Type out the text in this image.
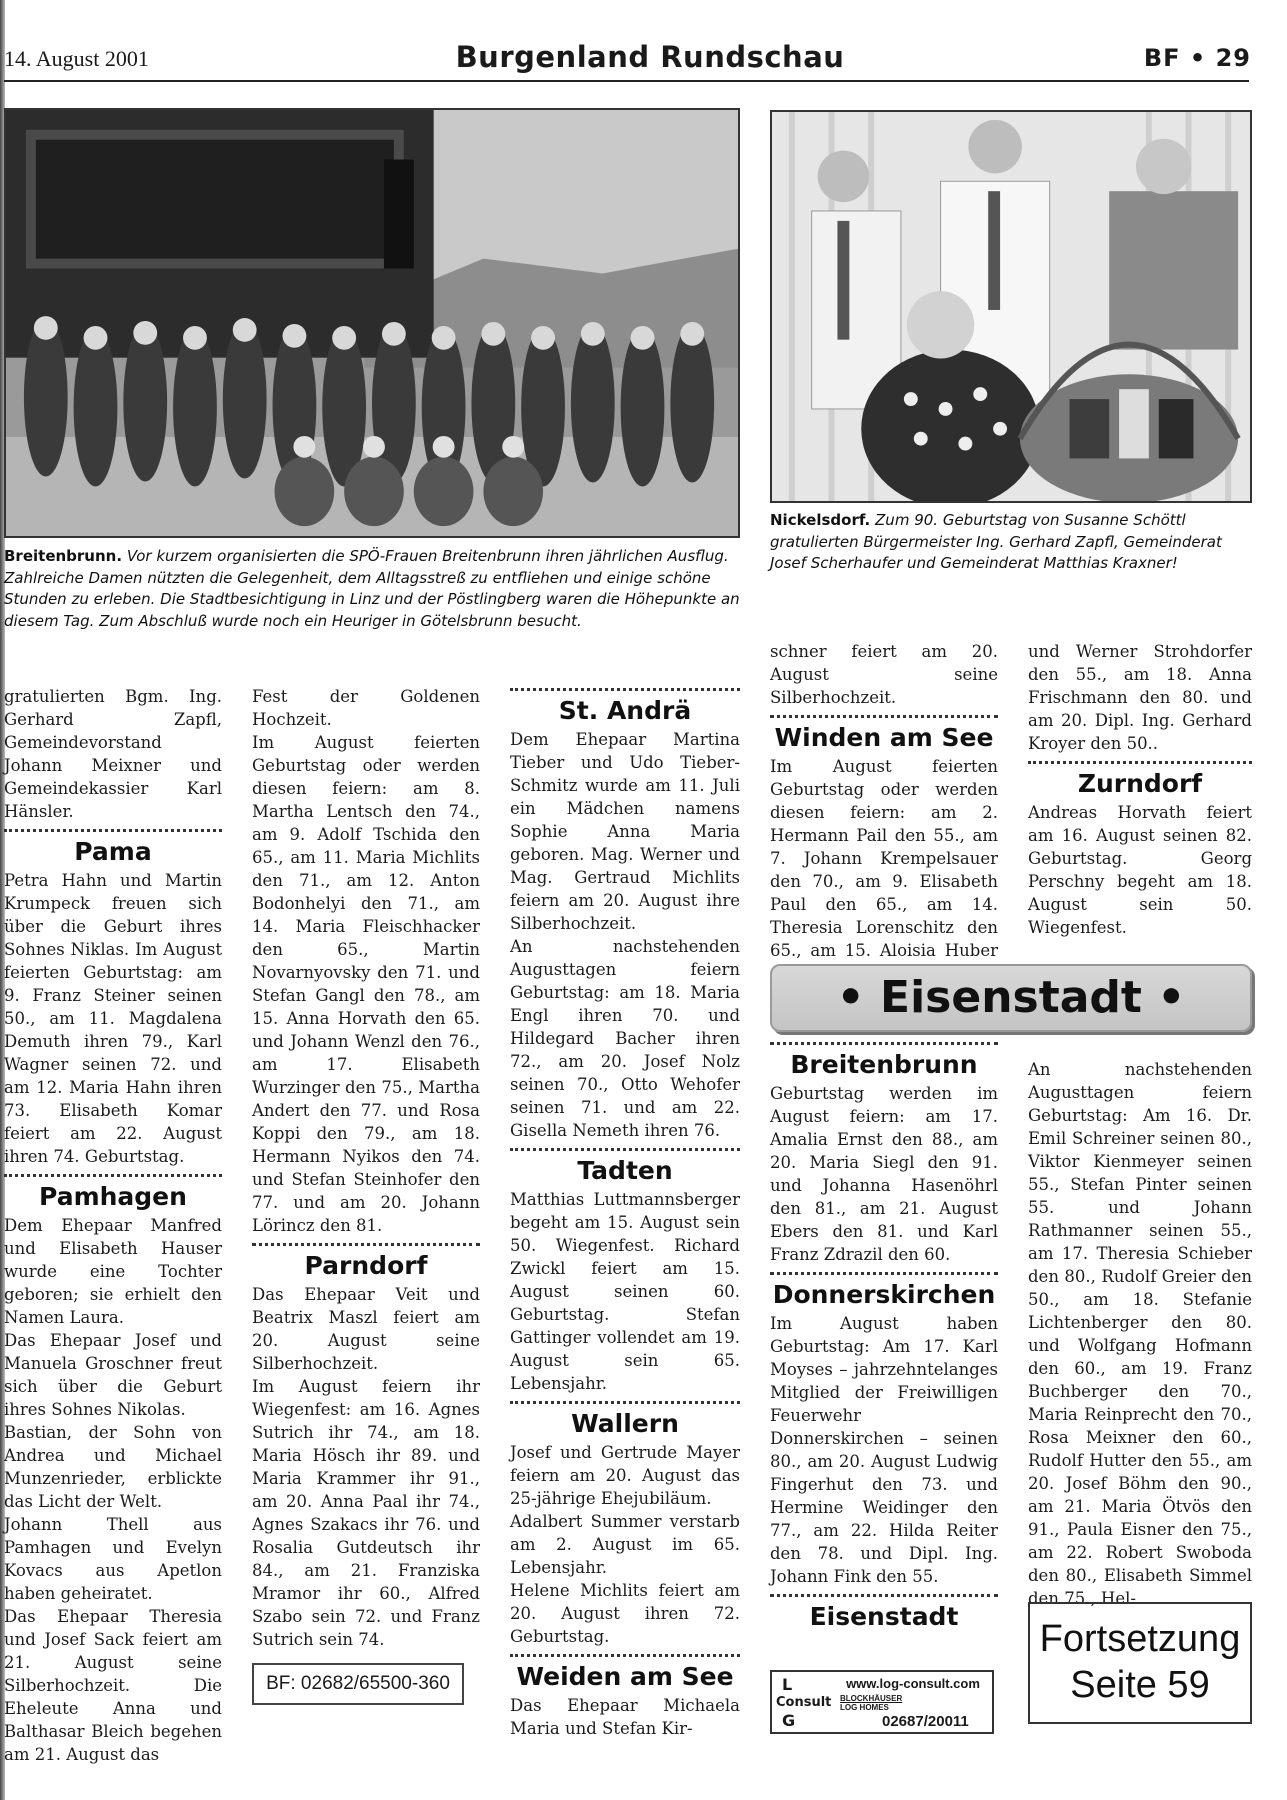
14. August 2001	Burgenland Rundschau	BF • 29
Breitenbrunn. Vor kurzem organisierten die SPÖ-Frauen Breitenbrunn ihren jährlichen Ausflug. Zahlreiche Damen nützten die Gelegenheit, dem Alltagsstreß zu entfliehen und einige schöne Stunden zu erleben. Die Stadtbesichtigung in Linz und der Pöstlingberg waren die Höhepunkte an diesem Tag. Zum Abschluß wurde noch ein Heuriger in Götelsbrunn besucht.
Nickelsdorf. Zum 90. Geburtstag von Susanne Schöttl gratulierten Bürgermeister Ing. Gerhard Zapfl, Gemeinderat Josef Scherhaufer und Gemeinderat Matthias Kraxner!

gratulierten Bgm. Ing. Gerhard Zapfl, Gemeindevorstand Johann Meixner und Gemeindekassier Karl Hänsler.

Pama

Petra Hahn und Martin Krumpeck freuen sich über die Geburt ihres Sohnes Niklas. Im August feierten Geburtstag: am 9. Franz Steiner seinen 50., am 11. Magdalena Demuth ihren 79., Karl Wagner seinen 72. und am 12. Maria Hahn ihren 73. Elisabeth Komar feiert am 22. August ihren 74. Geburtstag.

Pamhagen

Dem Ehepaar Manfred und Elisabeth Hauser wurde eine Tochter geboren; sie erhielt den Namen Laura.

Das Ehepaar Josef und Manuela Groschner freut sich über die Geburt ihres Sohnes Nikolas.

Bastian, der Sohn von Andrea und Michael Munzenrieder, erblickte das Licht der Welt.

Johann Thell aus Pamhagen und Evelyn Kovacs aus Apetlon haben geheiratet.

Das Ehepaar Theresia und Josef Sack feiert am 21. August seine Silberhochzeit. Die Eheleute Anna und Balthasar Bleich begehen am 21. August das

Fest der Goldenen Hochzeit.

Im August feierten Geburtstag oder werden diesen feiern: am 8. Martha Lentsch den 74., am 9. Adolf Tschida den 65., am 11. Maria Michlits den 71., am 12. Anton Bodonhelyi den 71., am 14. Maria Fleischhacker den 65., Martin Novarnyovsky den 71. und Stefan Gangl den 78., am 15. Anna Horvath den 65. und Johann Wenzl den 76., am 17. Elisabeth Wurzinger den 75., Martha Andert den 77. und Rosa Koppi den 79., am 18. Hermann Nyikos den 74. und Stefan Steinhofer den 77. und am 20. Johann Lörincz den 81.

Parndorf

Das Ehepaar Veit und Beatrix Maszl feiert am 20. August seine Silberhochzeit.

Im August feiern ihr Wiegenfest: am 16. Agnes Sutrich ihr 74., am 18. Maria Hösch ihr 89. und Maria Krammer ihr 91., am 20. Anna Paal ihr 74., Agnes Szakacs ihr 76. und Rosalia Gutdeutsch ihr 84., am 21. Franziska Mramor ihr 60., Alfred Szabo sein 72. und Franz Sutrich sein 74.

BF: 02682/65500-360
St. Andrä

Dem Ehepaar Martina Tieber und Udo Tieber-Schmitz wurde am 11. Juli ein Mädchen namens Sophie Anna Maria geboren. Mag. Werner und Mag. Gertraud Michlits feiern am 20. August ihre Silberhochzeit.

An nachstehenden Augusttagen feiern Geburtstag: am 18. Maria Engl ihren 70. und Hildegard Bacher ihren 72., am 20. Josef Nolz seinen 70., Otto Wehofer seinen 71. und am 22. Gisella Nemeth ihren 76.

Tadten

Matthias Luttmannsberger begeht am 15. August sein 50. Wiegenfest. Richard Zwickl feiert am 15. August seinen 60. Geburtstag. Stefan Gattinger vollendet am 19. August sein 65. Lebensjahr.

Wallern

Josef und Gertrude Mayer feiern am 20. August das 25-jährige Ehejubiläum.

Adalbert Summer verstarb am 2. August im 65. Lebensjahr.

Helene Michlits feiert am 20. August ihren 72. Geburtstag.

Weiden am See

Das Ehepaar Michaela Maria und Stefan Kir-

schner feiert am 20. August seine Silberhochzeit.

Winden am See

Im August feierten Geburtstag oder werden diesen feiern: am 2. Hermann Pail den 55., am 7. Johann Krempelsauer den 70., am 9. Elisabeth Paul den 65., am 14. Theresia Lorenschitz den 65., am 15. Aloisia Huber

• Eisenstadt •
Breitenbrunn

Geburtstag werden im August feiern: am 17. Amalia Ernst den 88., am 20. Maria Siegl den 91. und Johanna Hasenöhrl den 81., am 21. August Ebers den 81. und Karl Franz Zdrazil den 60.

Donnerskirchen

Im August haben Geburtstag: Am 17. Karl Moyses – jahrzehntelanges Mitglied der Freiwilligen Feuerwehr Donnerskirchen – seinen 80., am 20. August Ludwig Fingerhut den 73. und Hermine Weidinger den 77., am 22. Hilda Reiter den 78. und Dipl. Ing. Johann Fink den 55.

Eisenstadt
L
Consult
G
www.log-consult.com
BLOCKHÄUSER
LOG HOMES
02687/20011

und Werner Strohdorfer den 55., am 18. Anna Frischmann den 80. und am 20. Dipl. Ing. Gerhard Kroyer den 50..

Zurndorf

Andreas Horvath feiert am 16. August seinen 82. Geburtstag. Georg Perschny begeht am 18. August sein 50. Wiegenfest.

An nachstehenden Augusttagen feiern Geburtstag: Am 16. Dr. Emil Schreiner seinen 80., Viktor Kienmeyer seinen 55., Stefan Pinter seinen 55. und Johann Rathmanner seinen 55., am 17. Theresia Schieber den 80., Rudolf Greier den 50., am 18. Stefanie Lichtenberger den 80. und Wolfgang Hofmann den 60., am 19. Franz Buchberger den 70., Maria Reinprecht den 70., Rosa Meixner den 60., Rudolf Hutter den 55., am 20. Josef Böhm den 90., am 21. Maria Ötvös den 91., Paula Eisner den 75., am 22. Robert Swoboda den 80., Elisabeth Simmel den 75., Hel-

Fortsetzung
Seite 59
